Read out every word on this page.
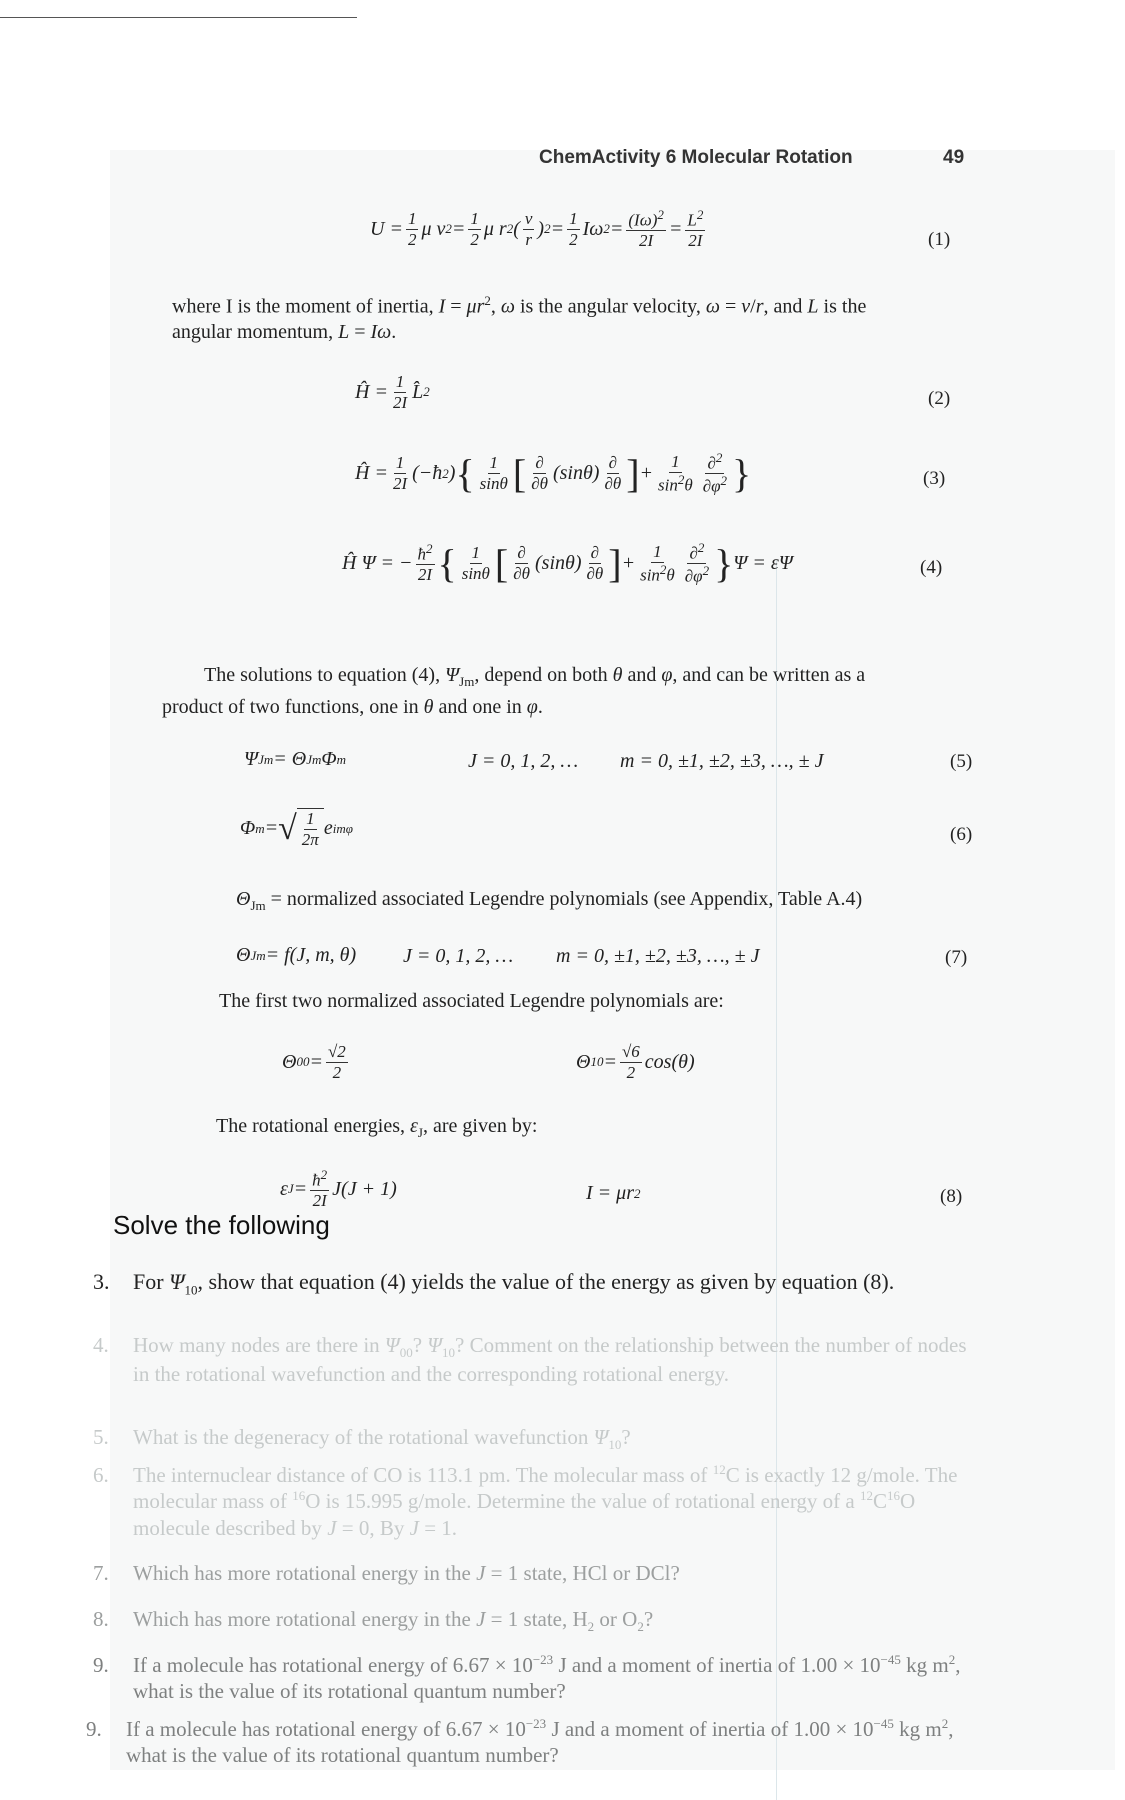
ChemActivity 6 Molecular Rotation	49
$U = \frac{1}{2}$ μ v $2 = \frac{1}{2}$ μ r 2 ( $\frac{v}{r}$ ) $2 = \frac{1}{2}$ Iω $2 = \frac{(I\omega)^2}{2I} = \frac{L^2}{2I}$	(1)
where I is the moment of inertia, $I = \mu r^2$, ω is the angular velocity, ω = v/r, and L is the
angular momentum, L = Iω.
Ĥ = $\frac{1}{2I}$ L̂ 2	(2)
Ĥ = $\frac{1}{2I}$ (−ħ 2 ) { $\frac{1}{\sin\theta}$ [ $\frac{\partial}{\partial\theta} (\sin\theta) \frac{\partial}{\partial\theta}$ ] + $\frac{1}{\sin^2\theta} \frac{\partial^2}{\partial\varphi^2}$ }	(3)
Ĥ Ψ = − $\frac{ħ^2}{2I}$ { $\frac{1}{\sin\theta}$ [ $\frac{\partial}{\partial\theta} (\sin\theta) \frac{\partial}{\partial\theta}$ ] + $\frac{1}{\sin^2\theta} \frac{\partial^2}{\partial\varphi^2}$ } Ψ = εΨ	(4)
The solutions to equation (4), $\Psi_{Jm}$, depend on both θ and φ, and can be written as a
product of two functions, one in θ and one in φ.
Ψ Jm = Θ Jm Φ m	J = 0, 1, 2, … m = 0, ±1, ±2, ±3, …, ± J	(5)
Φ m = √ $\frac{1}{2\pi}$ e imφ	(6)
$\Theta_{Jm}$ = normalized associated Legendre polynomials (see Appendix, Table A.4)
Θ Jm = f(J, m, θ) J = 0, 1, 2, … m = 0, ±1, ±2, ±3, …, ± J	(7)
The first two normalized associated Legendre polynomials are:
Θ $00 = \frac{√2}{2}$	Θ $10 = \frac{√6}{2} \cos(\theta)$
The rotational energies, $\varepsilon_J$, are given by:
ε $J = \frac{ħ^2}{2I} J(J + 1)$	I = μr 2	(8)
Solve the following
3. For $\Psi_{10}$, show that equation (4) yields the value of the energy as given by equation (8).
4. How many nodes are there in $\Psi_{00}$? $\Psi_{10}$? Comment on the relationship between the number of nodes in the rotational wavefunction and the corresponding rotational energy.
5. What is the degeneracy of the rotational wavefunction $\Psi_{10}$?
6. The internuclear distance of CO is 113.1 pm. The molecular mass of $^{12}$C is exactly 12 g/mole. The molecular mass of $^{16}$O is 15.995 g/mole. Determine the value of rotational energy of a $^{12}C^{16}O$ molecule described by J = 0, By J = 1.
7. Which has more rotational energy in the J = 1 state, HCl or DCl?
8. Which has more rotational energy in the J = 1 state, $H_2$ or $O_2$?
9. If a molecule has rotational energy of $6.67 \times 10^{-23}$ J and a moment of inertia of $1.00 \times 10^{-45}$ kg $m^2$, what is the value of its rotational quantum number?
9. If a molecule has rotational energy of $6.67 \times 10^{-23}$ J and a moment of inertia of $1.00 \times 10^{-45}$ kg $m^2$, what is the value of its rotational quantum number?
